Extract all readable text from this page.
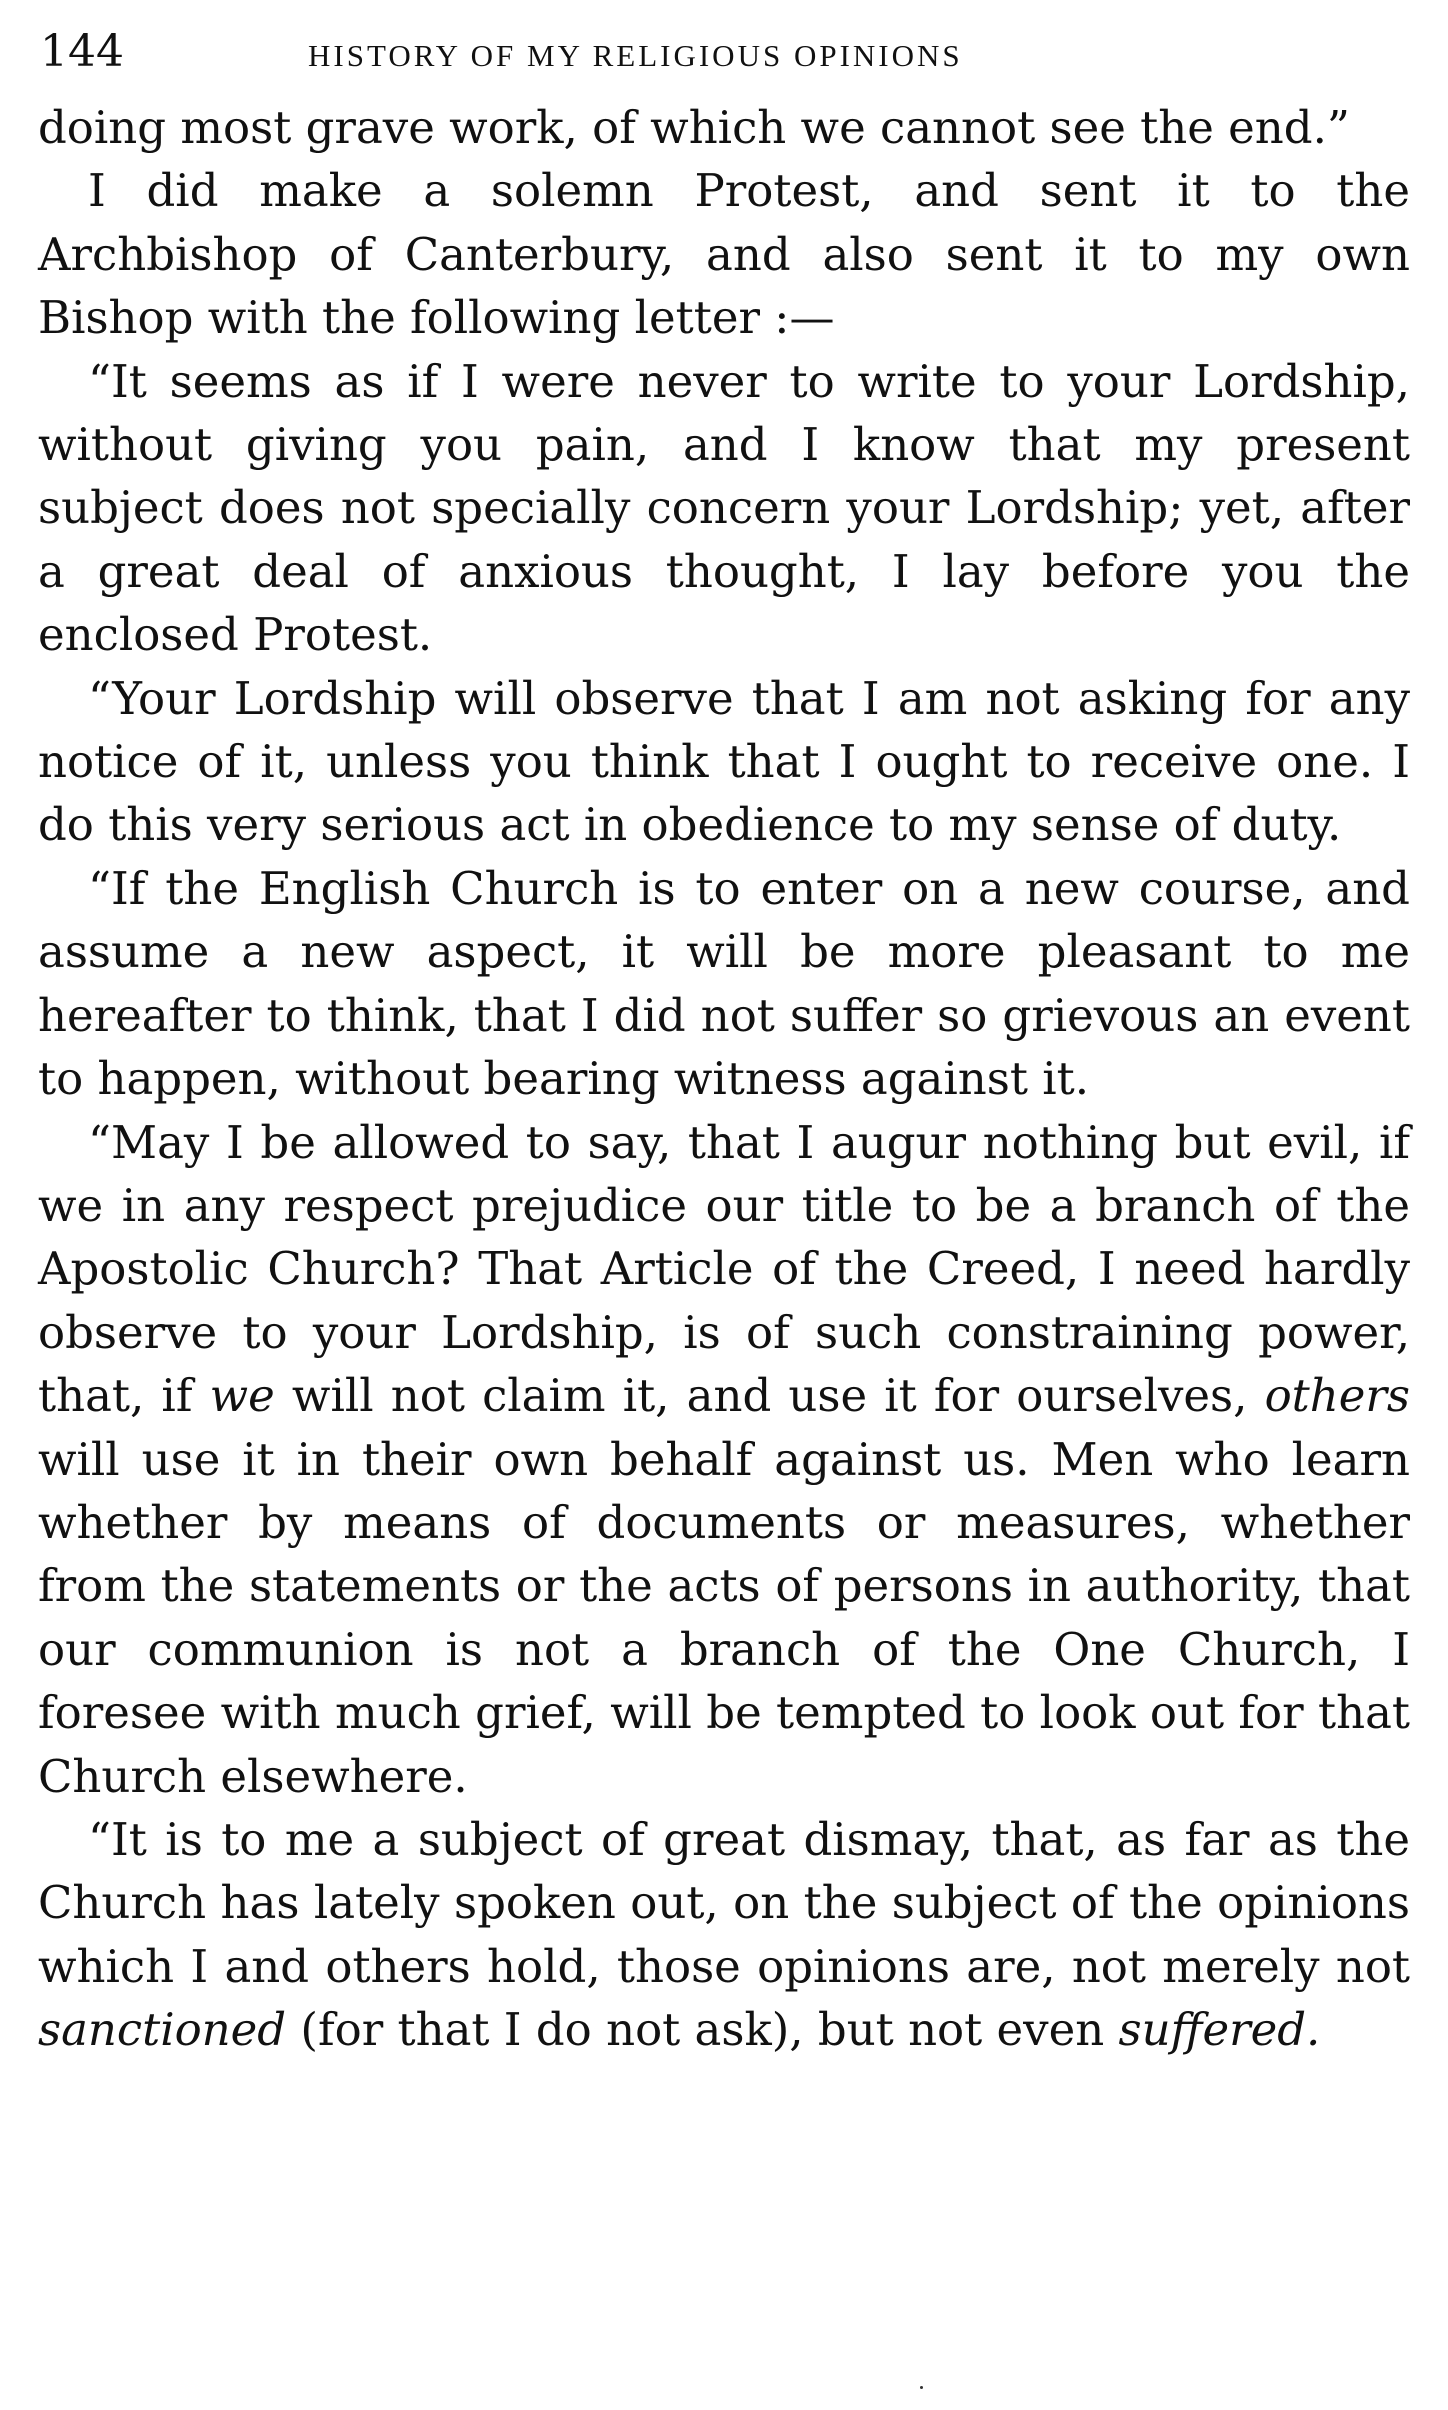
144	HISTORY OF MY RELIGIOUS OPINIONS

doing most grave work, of which we cannot see the end.”

I did make a solemn Protest, and sent it to the Archbishop of Canterbury, and also sent it to my own Bishop with the following letter :—

“It seems as if I were never to write to your Lordship, without giving you pain, and I know that my present subject does not specially concern your Lordship; yet, after a great deal of anxious thought, I lay before you the enclosed Protest.

“Your Lordship will observe that I am not asking for any notice of it, unless you think that I ought to receive one. I do this very serious act in obedience to my sense of duty.

“If the English Church is to enter on a new course, and assume a new aspect, it will be more pleasant to me hereafter to think, that I did not suffer so grievous an event to happen, without bearing witness against it.

“May I be allowed to say, that I augur nothing but evil, if we in any respect prejudice our title to be a branch of the Apostolic Church? That Article of the Creed, I need hardly observe to your Lordship, is of such constraining power, that, if we will not claim it, and use it for ourselves, others will use it in their own behalf against us. Men who learn whether by means of documents or measures, whether from the statements or the acts of persons in authority, that our communion is not a branch of the One Church, I foresee with much grief, will be tempted to look out for that Church elsewhere.

“It is to me a subject of great dismay, that, as far as the Church has lately spoken out, on the subject of the opinions which I and others hold, those opinions are, not merely not sanctioned (for that I do not ask), but not even suffered.
